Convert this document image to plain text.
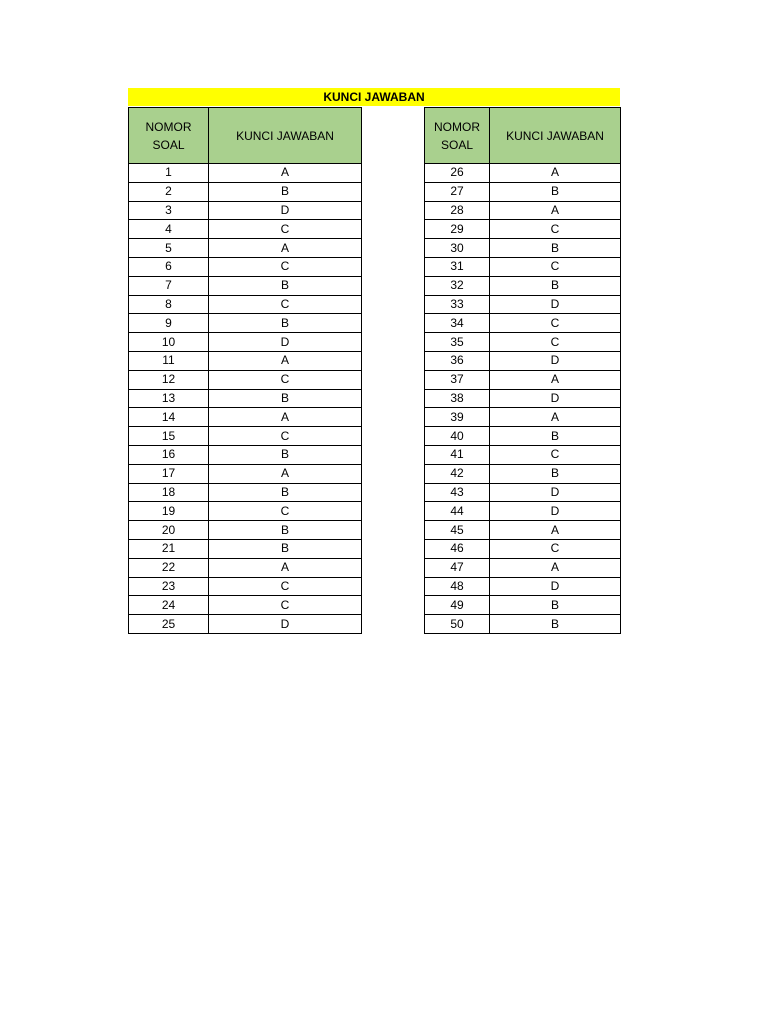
KUNCI JAWABAN
NOMOR
SOAL	KUNCI JAWABAN
1	A
2	B
3	D
4	C
5	A
6	C
7	B
8	C
9	B
10	D
11	A
12	C
13	B
14	A
15	C
16	B
17	A
18	B
19	C
20	B
21	B
22	A
23	C
24	C
25	D
NOMOR
SOAL	KUNCI JAWABAN
26	A
27	B
28	A
29	C
30	B
31	C
32	B
33	D
34	C
35	C
36	D
37	A
38	D
39	A
40	B
41	C
42	B
43	D
44	D
45	A
46	C
47	A
48	D
49	B
50	B
